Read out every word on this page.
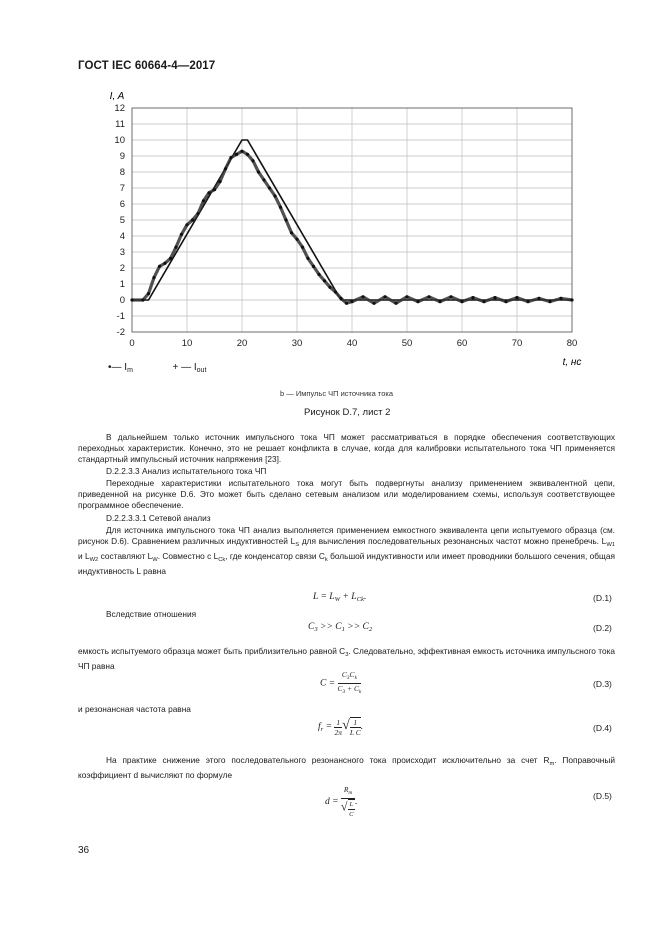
ГОСТ IEC 60664-4—2017
12
11
10
9
8
7
6
5
4
3
2
1
0
-1
-2
0	10	20	30	40	50	60	70	80
I, A
t, нс
•— $I_m$	+ — $I_{out}$
b — Импульс ЧП источника тока
Рисунок D.7, лист 2
В дальнейшем только источник импульсного тока ЧП может рассматриваться в порядке обеспечения соответствующих переходных характеристик. Конечно, это не решает конфликта в случае, когда для калибровки испытательного тока ЧП применяется стандартный импульсный источник напряжения [23].
D.2.2.3.3 Анализ испытательного тока ЧП
Переходные характеристики испытательного тока могут быть подвергнуты анализу применением эквивалентной цепи, приведенной на рисунке D.6. Это может быть сделано сетевым анализом или моделированием схемы, используя соответствующее программное обеспечение.
D.2.2.3.3.1 Сетевой анализ
Для источника импульсного тока ЧП анализ выполняется применением емкостного эквивалента цепи испытуемого образца (см. рисунок D.6). Сравнением различных индуктивностей $L_S$ для вычисления последовательных резонансных частот можно пренебречь. $L_{W1}$ и $L_{W2}$ составляют $L_W$. Совместно с $L_{Ck}$, где конденсатор связи $C_k$ большой индуктивности или имеет проводники большого сечения, общая индуктивность L равна
$L = L_W + L_{Ck}$.	(D.1)
Вследствие отношения
$C_3 >> C_1 >> C_2$	(D.2)
емкость испытуемого образца может быть приблизительно равной $C_3$. Следовательно, эффективная емкость источника импульсного тока ЧП равна
$C = \frac{C_3C_k}{C_3 + C_k}$	(D.3)
и резонансная частота равна
$f_r = \frac{1}{2\pi}$ √ $\frac{1}{\text{L C}}$ .	(D.4)
На практике снижение этого последовательного резонансного тока происходит исключительно за счет $R_m$. Поправочный коэффициент d вычисляют по формуле
$d = \frac{R_m}{√ \frac{L}{C}}$ .
(D.5)
36
